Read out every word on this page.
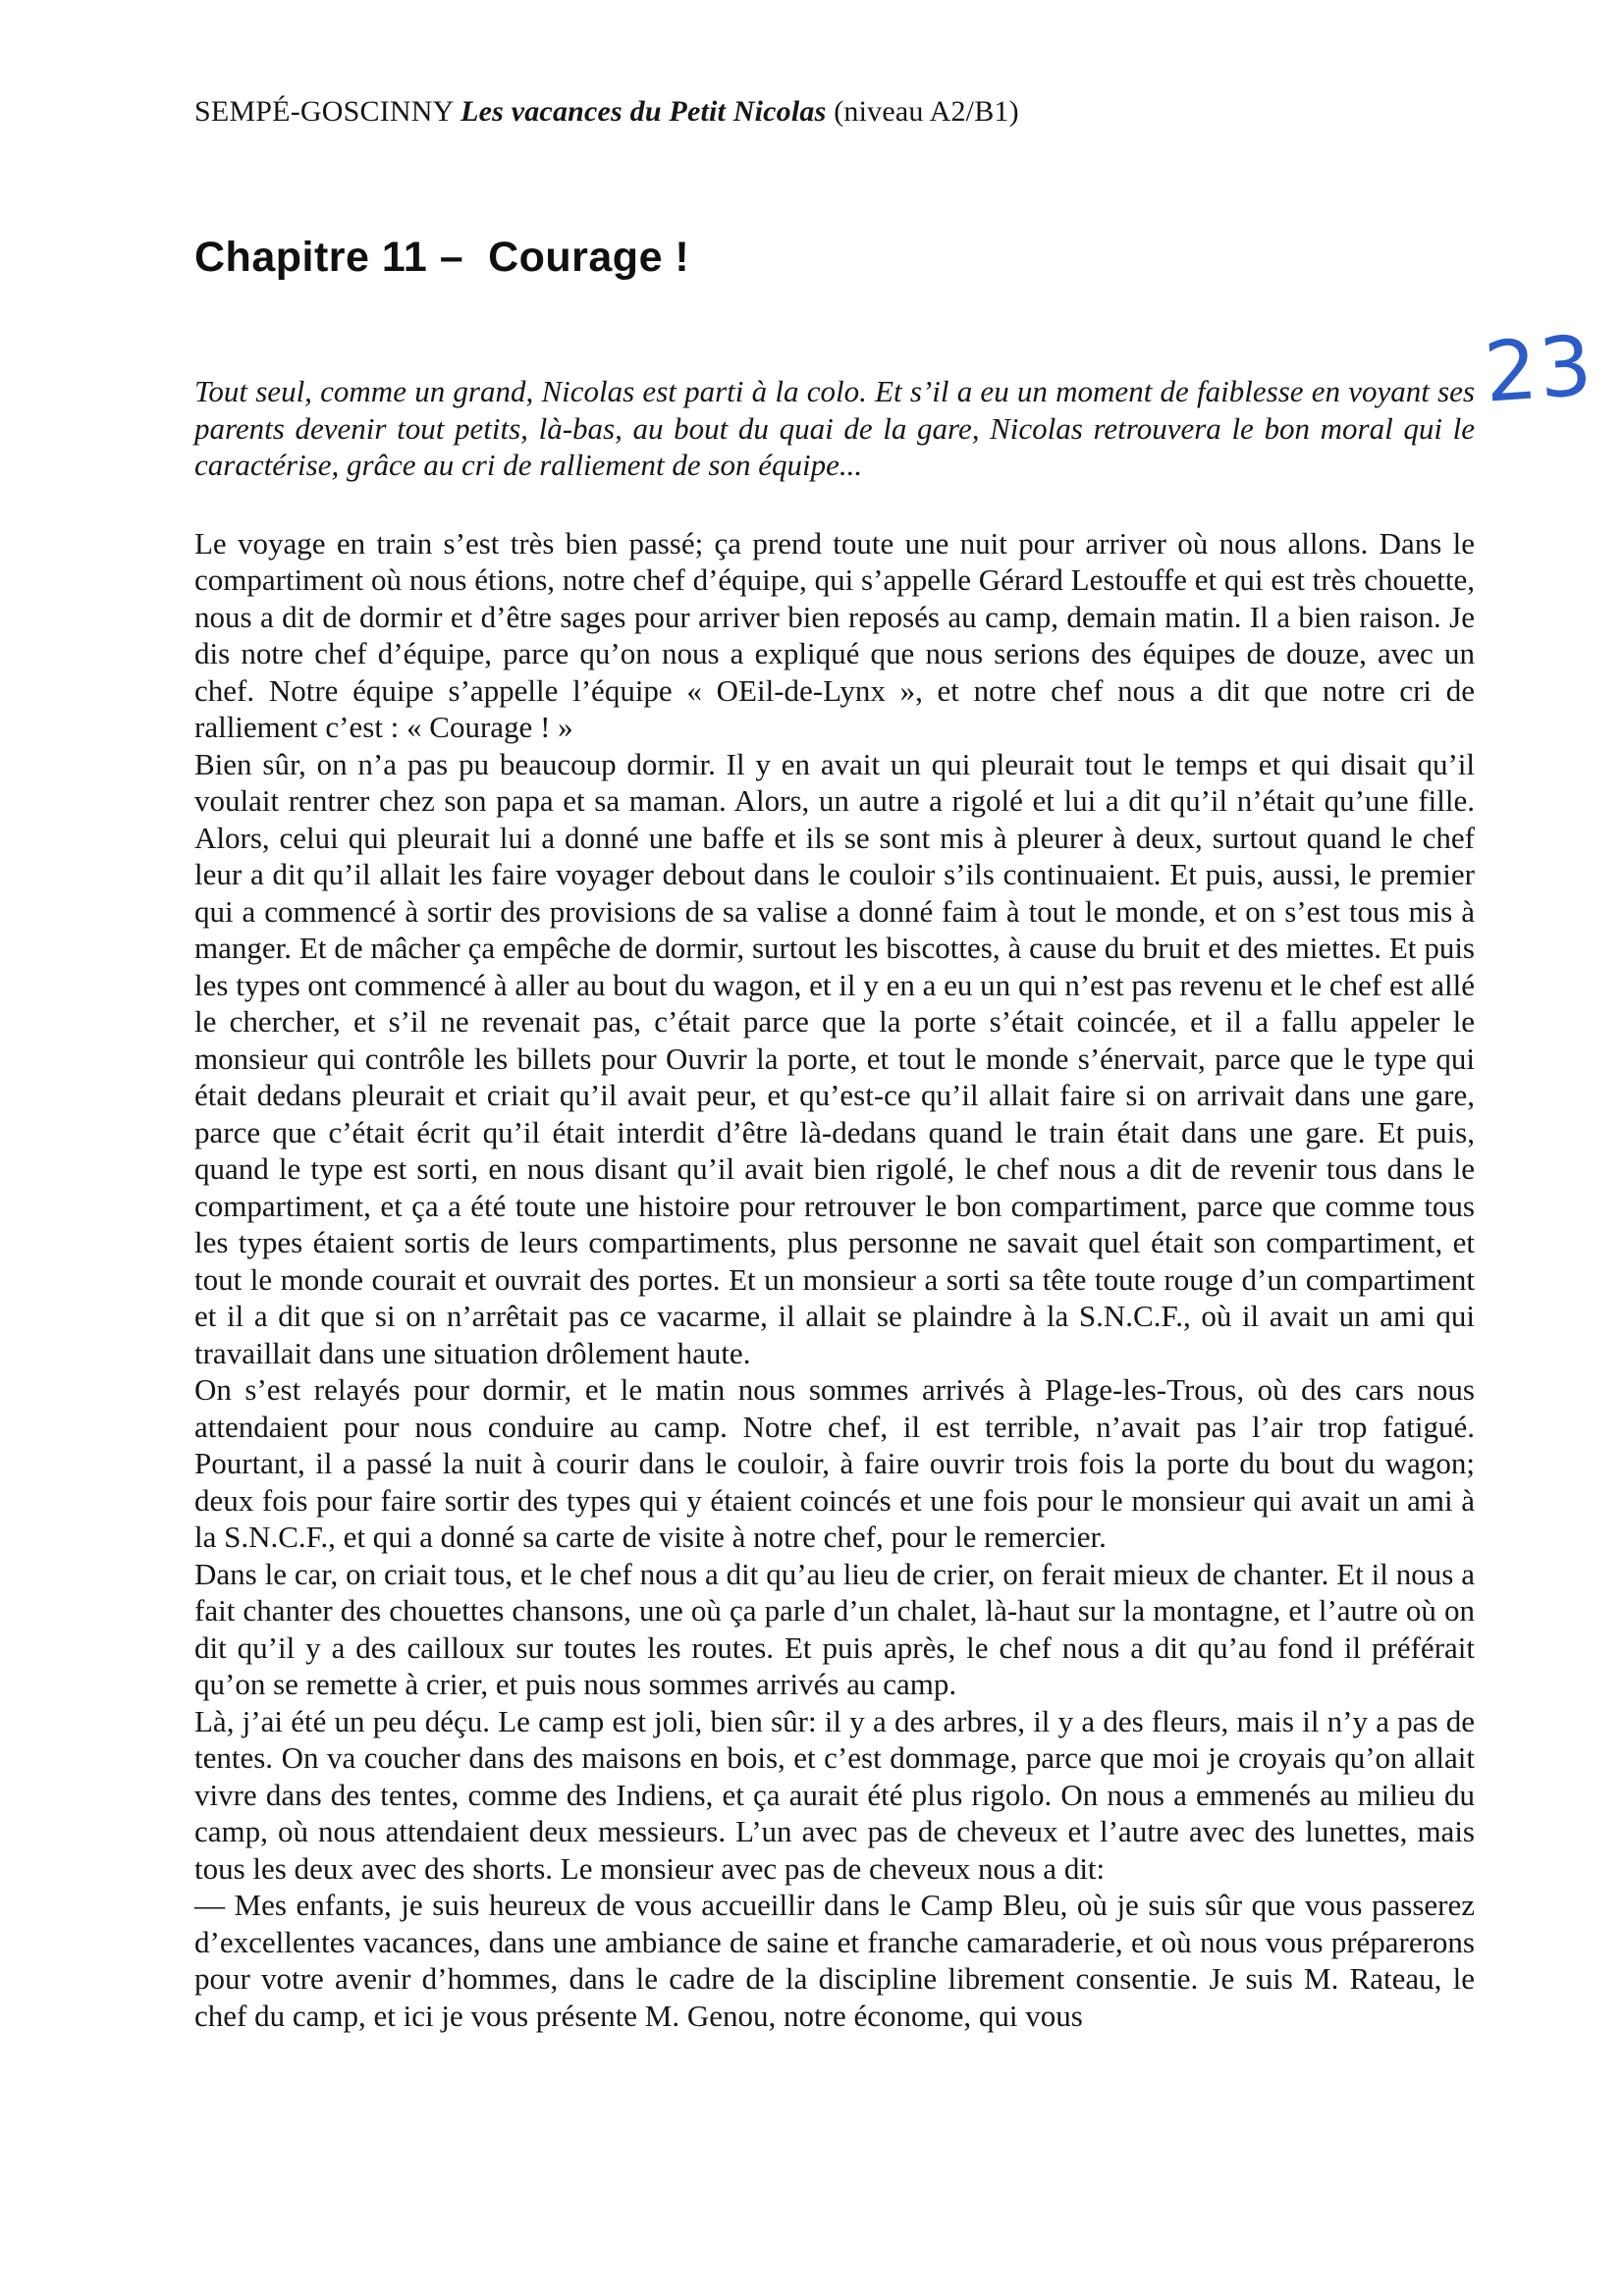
23
SEMPÉ-GOSCINNY Les vacances du Petit Nicolas (niveau A2/B1)
Chapitre 11 –  Courage !
Tout seul, comme un grand, Nicolas est parti à la colo. Et s’il a eu un moment de faiblesse en voyant ses parents devenir tout petits, là-bas, au bout du quai de la gare, Nicolas retrouvera le bon moral qui le caractérise, grâce au cri de ralliement de son équipe...

Le voyage en train s’est très bien passé; ça prend toute une nuit pour arriver où nous allons. Dans le compartiment où nous étions, notre chef d’équipe, qui s’appelle Gérard Lestouffe et qui est très chouette, nous a dit de dormir et d’être sages pour arriver bien reposés au camp, demain matin. Il a bien raison. Je dis notre chef d’équipe, parce qu’on nous a expliqué que nous serions des équipes de douze, avec un chef. Notre équipe s’appelle l’équipe « OEil-de-Lynx », et notre chef nous a dit que notre cri de ralliement c’est : « Courage ! »

Bien sûr, on n’a pas pu beaucoup dormir. Il y en avait un qui pleurait tout le temps et qui disait qu’il voulait rentrer chez son papa et sa maman. Alors, un autre a rigolé et lui a dit qu’il n’était qu’une fille. Alors, celui qui pleurait lui a donné une baffe et ils se sont mis à pleurer à deux, surtout quand le chef leur a dit qu’il allait les faire voyager debout dans le couloir s’ils continuaient. Et puis, aussi, le premier qui a commencé à sortir des provisions de sa valise a donné faim à tout le monde, et on s’est tous mis à manger. Et de mâcher ça empêche de dormir, surtout les biscottes, à cause du bruit et des miettes. Et puis les types ont commencé à aller au bout du wagon, et il y en a eu un qui n’est pas revenu et le chef est allé le chercher, et s’il ne revenait pas, c’était parce que la porte s’était coincée, et il a fallu appeler le monsieur qui contrôle les billets pour Ouvrir la porte, et tout le monde s’énervait, parce que le type qui était dedans pleurait et criait qu’il avait peur, et qu’est-ce qu’il allait faire si on arrivait dans une gare, parce que c’était écrit qu’il était interdit d’être là-dedans quand le train était dans une gare. Et puis, quand le type est sorti, en nous disant qu’il avait bien rigolé, le chef nous a dit de revenir tous dans le compartiment, et ça a été toute une histoire pour retrouver le bon compartiment, parce que comme tous les types étaient sortis de leurs compartiments, plus personne ne savait quel était son compartiment, et tout le monde courait et ouvrait des portes. Et un monsieur a sorti sa tête toute rouge d’un compartiment et il a dit que si on n’arrêtait pas ce vacarme, il allait se plaindre à la S.N.C.F., où il avait un ami qui travaillait dans une situation drôlement haute.

On s’est relayés pour dormir, et le matin nous sommes arrivés à Plage-les-Trous, où des cars nous attendaient pour nous conduire au camp. Notre chef, il est terrible, n’avait pas l’air trop fatigué. Pourtant, il a passé la nuit à courir dans le couloir, à faire ouvrir trois fois la porte du bout du wagon; deux fois pour faire sortir des types qui y étaient coincés et une fois pour le monsieur qui avait un ami à la S.N.C.F., et qui a donné sa carte de visite à notre chef, pour le remercier.

Dans le car, on criait tous, et le chef nous a dit qu’au lieu de crier, on ferait mieux de chanter. Et il nous a fait chanter des chouettes chansons, une où ça parle d’un chalet, là-haut sur la montagne, et l’autre où on dit qu’il y a des cailloux sur toutes les routes. Et puis après, le chef nous a dit qu’au fond il préférait qu’on se remette à crier, et puis nous sommes arrivés au camp.

Là, j’ai été un peu déçu. Le camp est joli, bien sûr: il y a des arbres, il y a des fleurs, mais il n’y a pas de tentes. On va coucher dans des maisons en bois, et c’est dommage, parce que moi je croyais qu’on allait vivre dans des tentes, comme des Indiens, et ça aurait été plus rigolo. On nous a emmenés au milieu du camp, où nous attendaient deux messieurs. L’un avec pas de cheveux et l’autre avec des lunettes, mais tous les deux avec des shorts. Le monsieur avec pas de cheveux nous a dit:

— Mes enfants, je suis heureux de vous accueillir dans le Camp Bleu, où je suis sûr que vous passerez d’excellentes vacances, dans une ambiance de saine et franche camaraderie, et où nous vous préparerons pour votre avenir d’hommes, dans le cadre de la discipline librement consentie. Je suis M. Rateau, le chef du camp, et ici je vous présente M. Genou, notre économe, qui vous
